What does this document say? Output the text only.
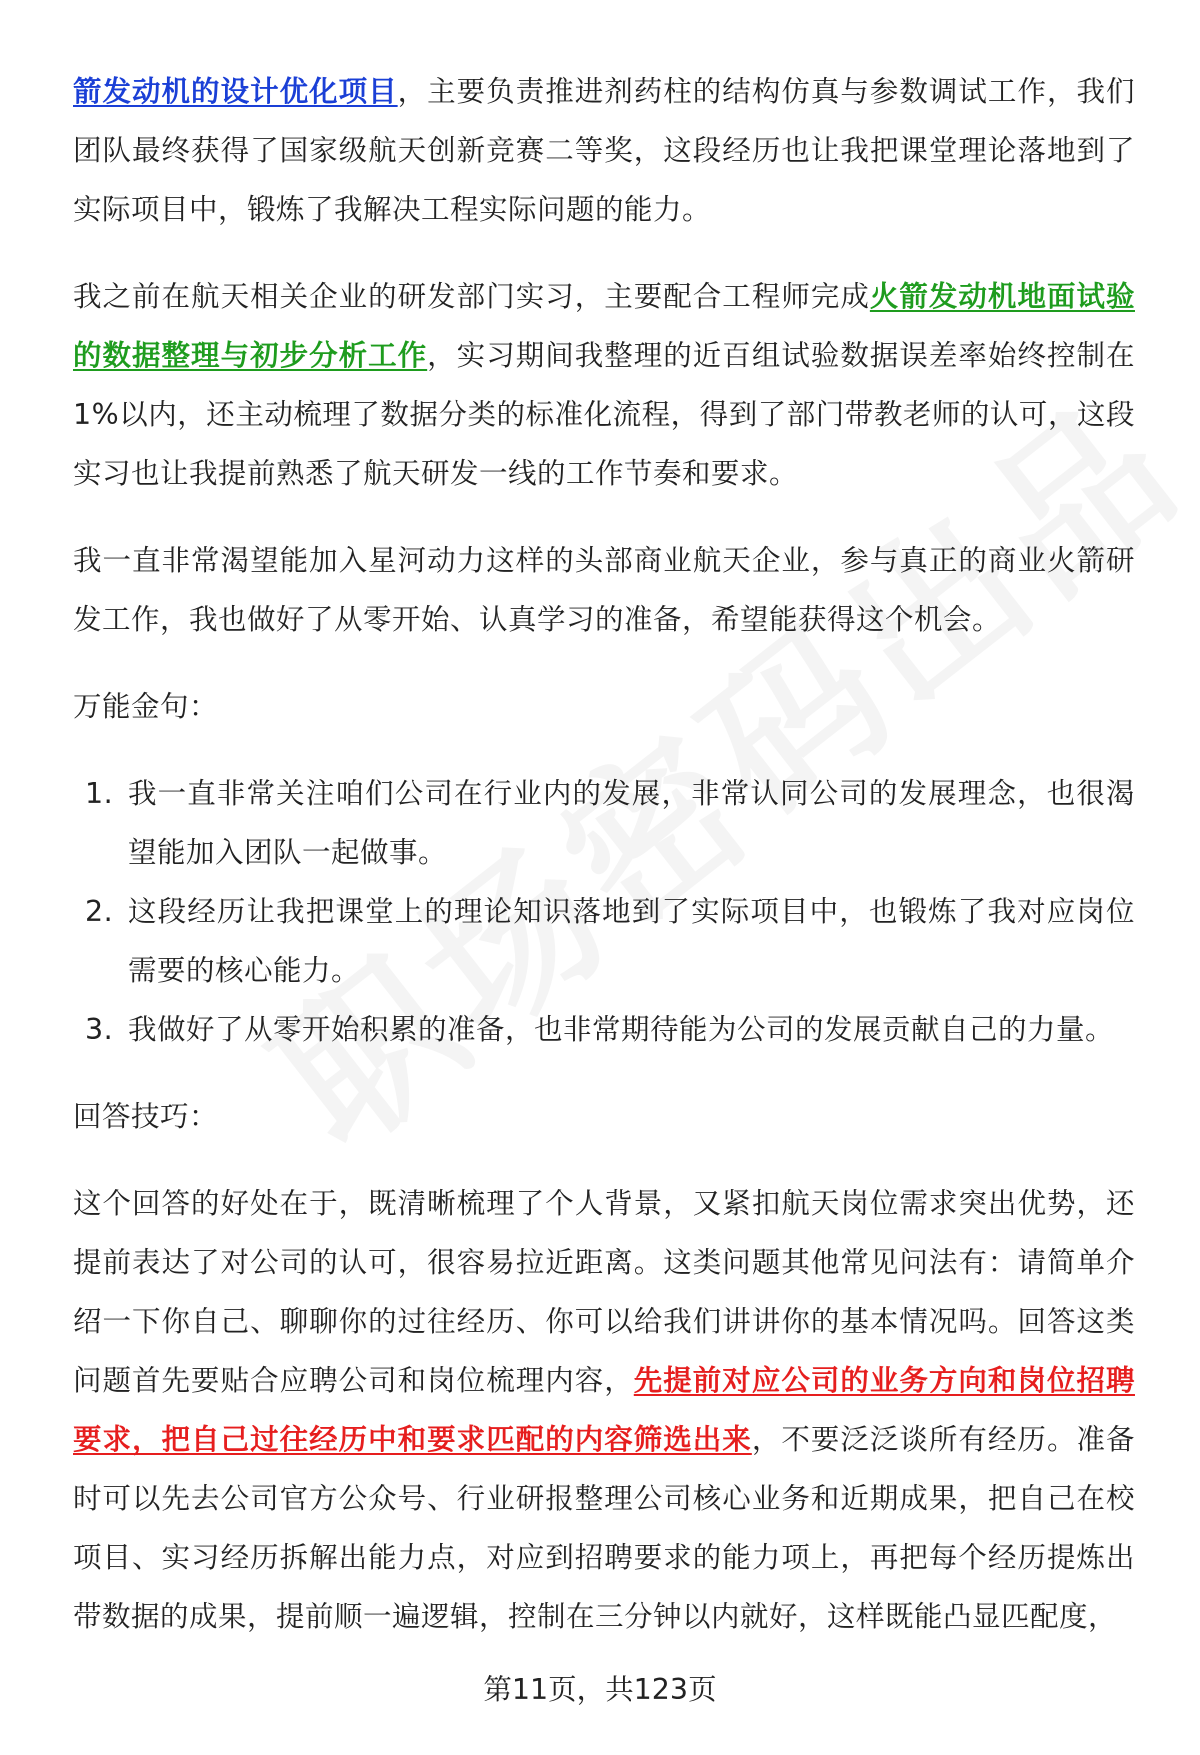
箭发动机的设计优化项目，主要负责推进剂药柱的结构仿真与参数调试工作，我们团队最终获得了国家级航天创新竞赛二等奖，这段经历也让我把课堂理论落地到了实际项目中，锻炼了我解决工程实际问题的能力。

我之前在航天相关企业的研发部门实习，主要配合工程师完成火箭发动机地面试验的数据整理与初步分析工作，实习期间我整理的近百组试验数据误差率始终控制在1%以内，还主动梳理了数据分类的标准化流程，得到了部门带教老师的认可，这段实习也让我提前熟悉了航天研发一线的工作节奏和要求。

我一直非常渴望能加入星河动力这样的头部商业航天企业，参与真正的商业火箭研发工作，我也做好了从零开始、认真学习的准备，希望能获得这个机会。

万能金句：

1. 我一直非常关注咱们公司在行业内的发展，非常认同公司的发展理念，也很渴望能加入团队一起做事。
2. 这段经历让我把课堂上的理论知识落地到了实际项目中，也锻炼了我对应岗位需要的核心能力。
3. 我做好了从零开始积累的准备，也非常期待能为公司的发展贡献自己的力量。

回答技巧：

这个回答的好处在于，既清晰梳理了个人背景，又紧扣航天岗位需求突出优势，还提前表达了对公司的认可，很容易拉近距离。这类问题其他常见问法有：请简单介绍一下你自己、聊聊你的过往经历、你可以给我们讲讲你的基本情况吗。回答这类问题首先要贴合应聘公司和岗位梳理内容，先提前对应公司的业务方向和岗位招聘要求，把自己过往经历中和要求匹配的内容筛选出来，不要泛泛谈所有经历。准备时可以先去公司官方公众号、行业研报整理公司核心业务和近期成果，把自己在校项目、实习经历拆解出能力点，对应到招聘要求的能力项上，再把每个经历提炼出带数据的成果，提前顺一遍逻辑，控制在三分钟以内就好，这样既能凸显匹配度，

第11页，共123页
